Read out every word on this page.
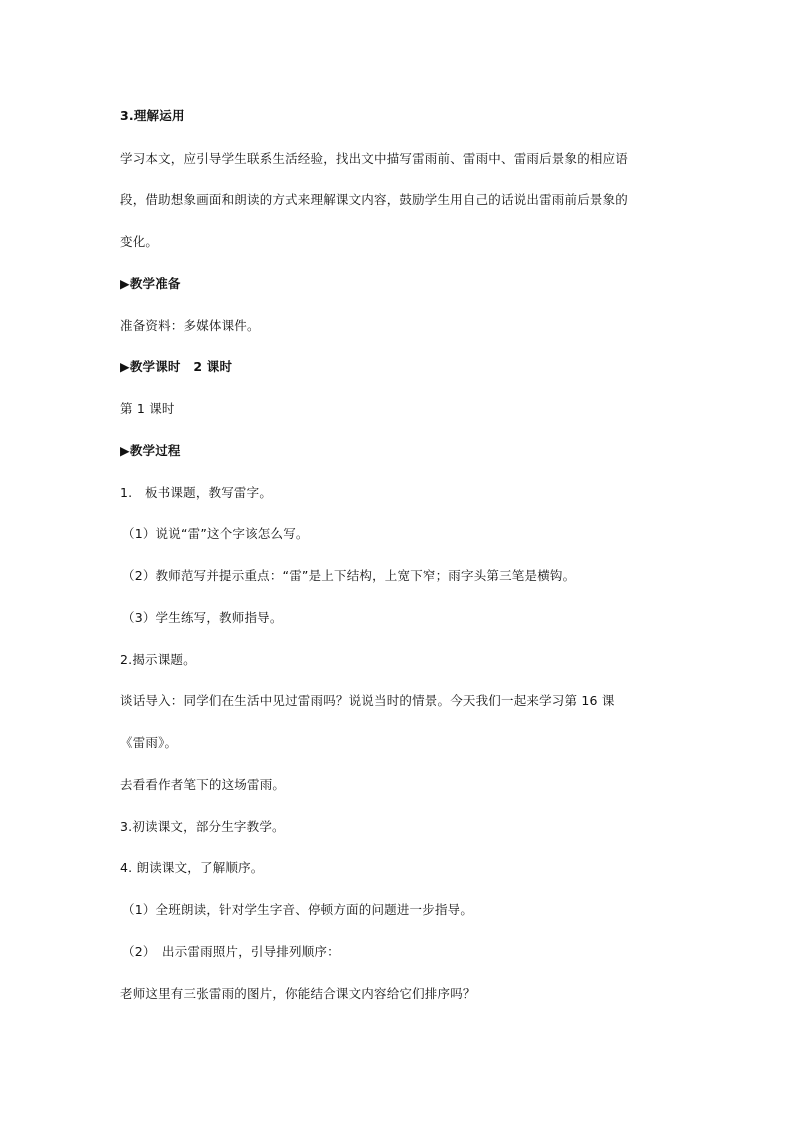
3.理解运用
学习本文，应引导学生联系生活经验，找出文中描写雷雨前、雷雨中、雷雨后景象的相应语
段，借助想象画面和朗读的方式来理解课文内容，鼓励学生用自己的话说出雷雨前后景象的
变化。
▶教学准备
准备资料：多媒体课件。
▶教学课时　2 课时
第 1 课时
▶教学过程
1.　板书课题，教写雷字。
（1）说说“雷”这个字该怎么写。
（2）教师范写并提示重点：“雷”是上下结构，上宽下窄；雨字头第三笔是横钩。
（3）学生练写，教师指导。
2.揭示课题。
谈话导入：同学们在生活中见过雷雨吗？说说当时的情景。今天我们一起来学习第 16 课
《雷雨》。
去看看作者笔下的这场雷雨。
3.初读课文，部分生字教学。
4. 朗读课文，了解顺序。
（1）全班朗读，针对学生字音、停顿方面的问题进一步指导。
（2）　出示雷雨照片，引导排列顺序：
老师这里有三张雷雨的图片，你能结合课文内容给它们排序吗？
